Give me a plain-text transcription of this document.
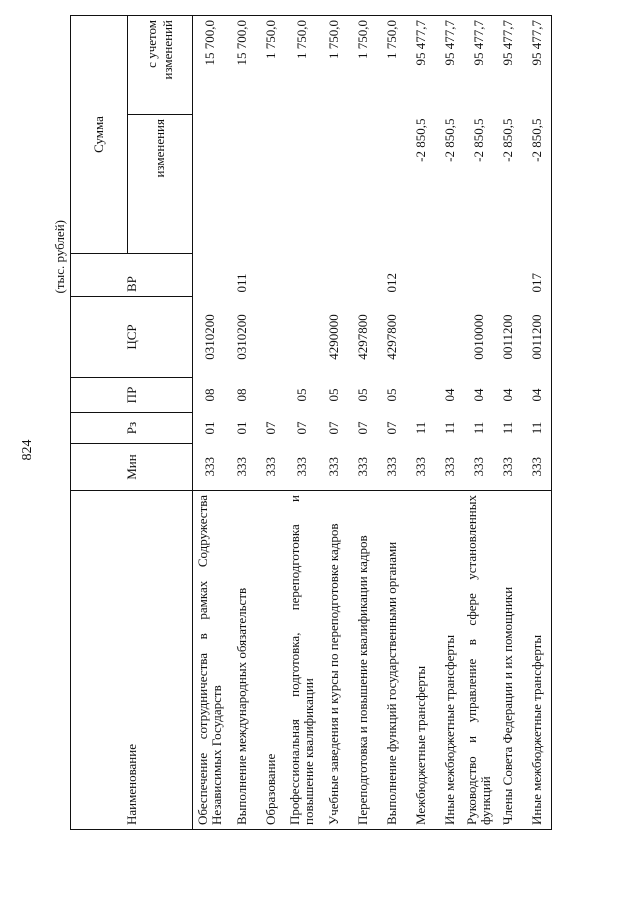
824
(тыс. рублей)
Наименование	Мин	Рз	ПР	ЦСР	ВР	Сумма	
						изменения	с учетом изменений
Обеспечение сотрудничества в рамках Содружества Независимых Государств	333	01	08	0310200			15 700,0
Выполнение международных обязательств	333	01	08	0310200	011		15 700,0
Образование	333	07					1 750,0
Профессиональная подготовка, переподготовка и повышение квалификации	333	07	05				1 750,0
Учебные заведения и курсы по переподготовке кадров	333	07	05	4290000			1 750,0
Переподготовка и повышение квалификации кадров	333	07	05	4297800			1 750,0
Выполнение функций государственными органами	333	07	05	4297800	012		1 750,0
Межбюджетные трансферты	333	11				-2 850,5	95 477,7
Иные межбюджетные трансферты	333	11	04			-2 850,5	95 477,7
Руководство и управление в сфере установленных функций	333	11	04	0010000		-2 850,5	95 477,7
Члены Совета Федерации и их помощники	333	11	04	0011200		-2 850,5	95 477,7
Иные межбюджетные трансферты	333	11	04	0011200	017	-2 850,5	95 477,7
